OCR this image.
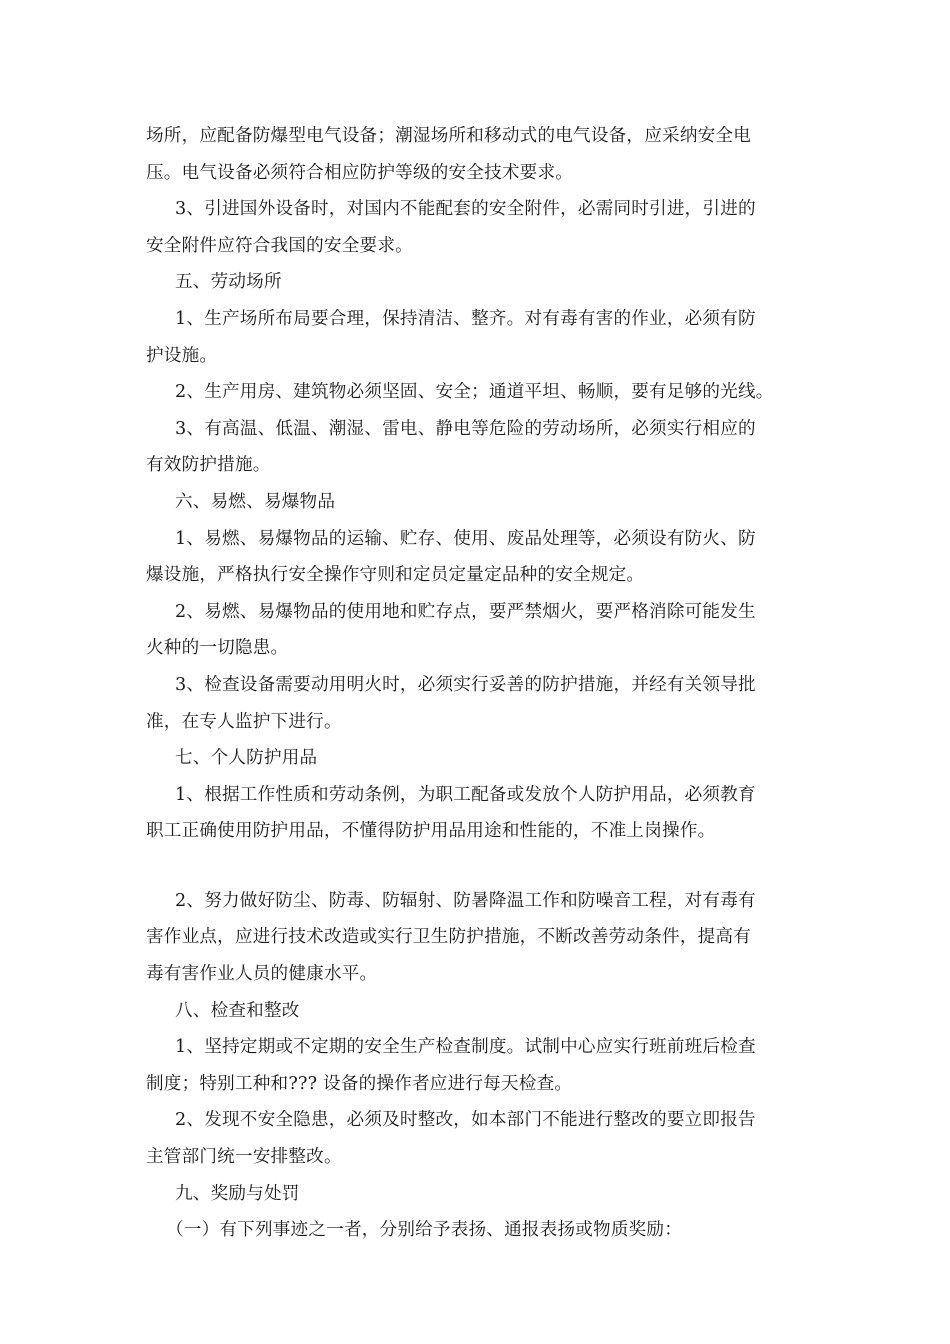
场所，应配备防爆型电气设备；潮湿场所和移动式的电气设备，应采纳安全电
压。电气设备必须符合相应防护等级的安全技术要求。
3、引进国外设备时，对国内不能配套的安全附件，必需同时引进，引进的
安全附件应符合我国的安全要求。
五、劳动场所
1、生产场所布局要合理，保持清洁、整齐。对有毒有害的作业，必须有防
护设施。
2、生产用房、建筑物必须坚固、安全；通道平坦、畅顺，要有足够的光线。
3、有高温、低温、潮湿、雷电、静电等危险的劳动场所，必须实行相应的
有效防护措施。
六、易燃、易爆物品
1、易燃、易爆物品的运输、贮存、使用、废品处理等，必须设有防火、防
爆设施，严格执行安全操作守则和定员定量定品种的安全规定。
2、易燃、易爆物品的使用地和贮存点，要严禁烟火，要严格消除可能发生
火种的一切隐患。
3、检查设备需要动用明火时，必须实行妥善的防护措施，并经有关领导批
准，在专人监护下进行。
七、个人防护用品
1、根据工作性质和劳动条例，为职工配备或发放个人防护用品，必须教育
职工正确使用防护用品，不懂得防护用品用途和性能的，不准上岗操作。
2、努力做好防尘、防毒、防辐射、防暑降温工作和防噪音工程，对有毒有
害作业点，应进行技术改造或实行卫生防护措施，不断改善劳动条件，提高有
毒有害作业人员的健康水平。
八、检查和整改
1、坚持定期或不定期的安全生产检查制度。试制中心应实行班前班后检查
制度；特别工种和??? 设备的操作者应进行每天检查。
2、发现不安全隐患，必须及时整改，如本部门不能进行整改的要立即报告
主管部门统一安排整改。
九、奖励与处罚
（一）有下列事迹之一者，分别给予表扬、通报表扬或物质奖励：
